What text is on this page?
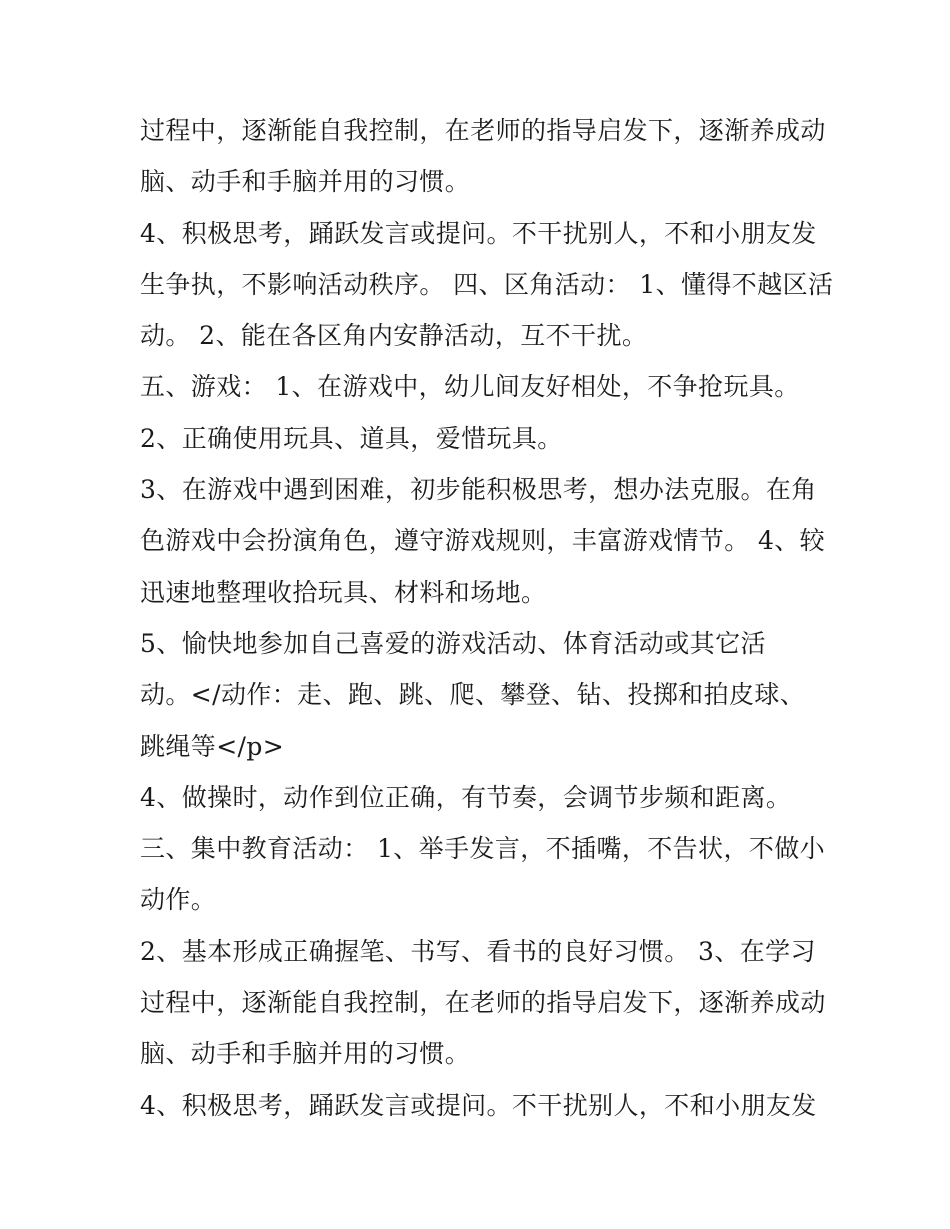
过程中，逐渐能自我控制，在老师的指导启发下，逐渐养成动
脑、动手和手脑并用的习惯。
4、积极思考，踊跃发言或提问。不干扰别人，不和小朋友发
生争执，不影响活动秩序。 四、区角活动： 1、懂得不越区活
动。 2、能在各区角内安静活动，互不干扰。
五、游戏： 1、在游戏中，幼儿间友好相处，不争抢玩具。
2、正确使用玩具、道具，爱惜玩具。
3、在游戏中遇到困难，初步能积极思考，想办法克服。在角
色游戏中会扮演角色，遵守游戏规则，丰富游戏情节。 4、较
迅速地整理收拾玩具、材料和场地。
5、愉快地参加自己喜爱的游戏活动、体育活动或其它活
动。</动作：走、跑、跳、爬、攀登、钻、投掷和拍皮球、
跳绳等</p>
4、做操时，动作到位正确，有节奏，会调节步频和距离。
三、集中教育活动： 1、举手发言，不插嘴，不告状，不做小
动作。
2、基本形成正确握笔、书写、看书的良好习惯。 3、在学习
过程中，逐渐能自我控制，在老师的指导启发下，逐渐养成动
脑、动手和手脑并用的习惯。
4、积极思考，踊跃发言或提问。不干扰别人，不和小朋友发
